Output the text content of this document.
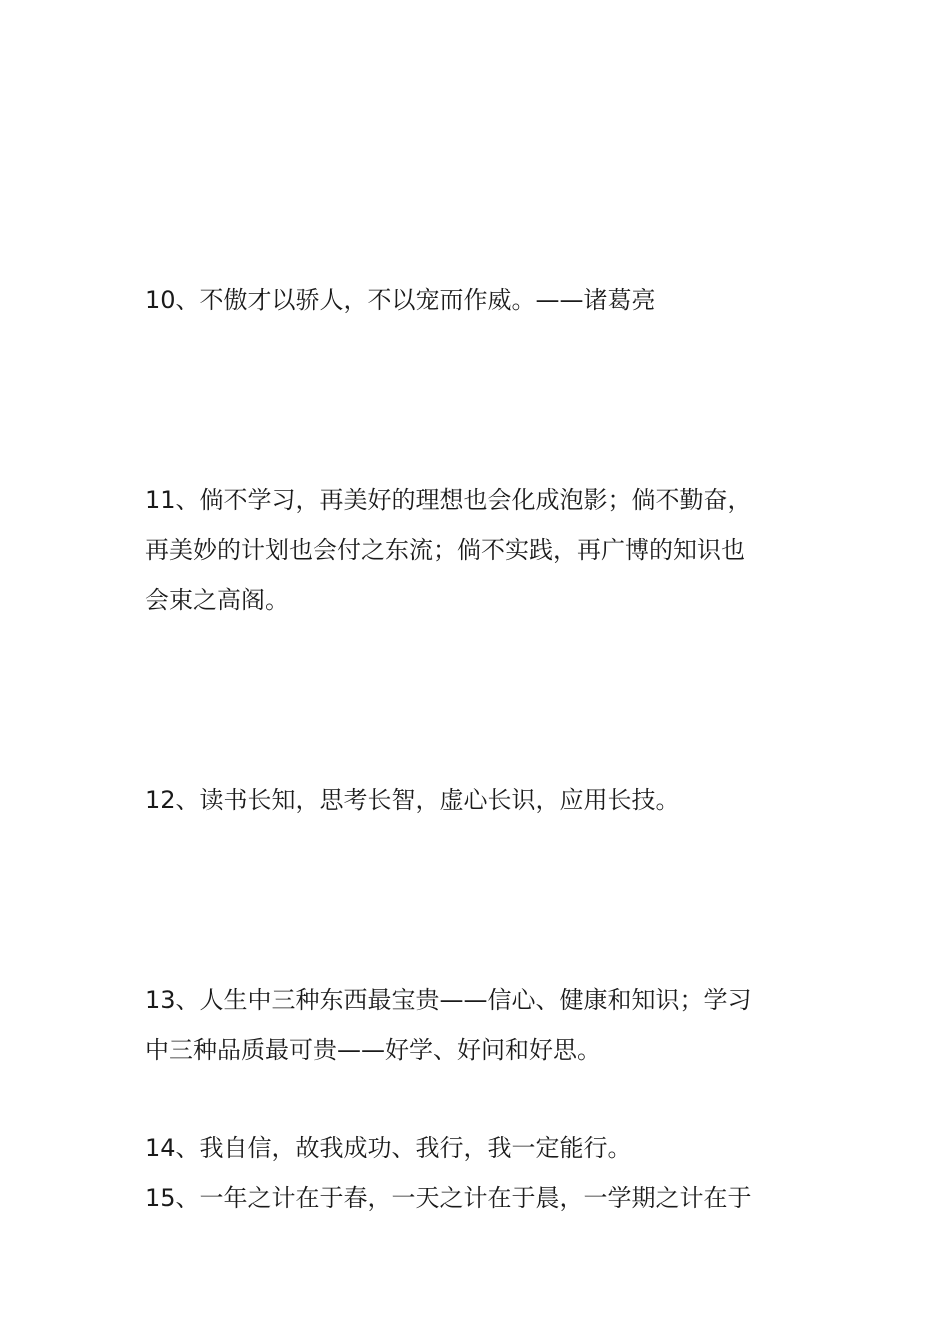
10、不傲才以骄人，不以宠而作威。——诸葛亮
11、倘不学习，再美好的理想也会化成泡影；倘不勤奋，
再美妙的计划也会付之东流；倘不实践，再广博的知识也
会束之高阁。
12、读书长知，思考长智，虚心长识，应用长技。
13、人生中三种东西最宝贵——信心、健康和知识；学习
中三种品质最可贵——好学、好问和好思。
14、我自信，故我成功、我行，我一定能行。
15、一年之计在于春，一天之计在于晨，一学期之计在于
